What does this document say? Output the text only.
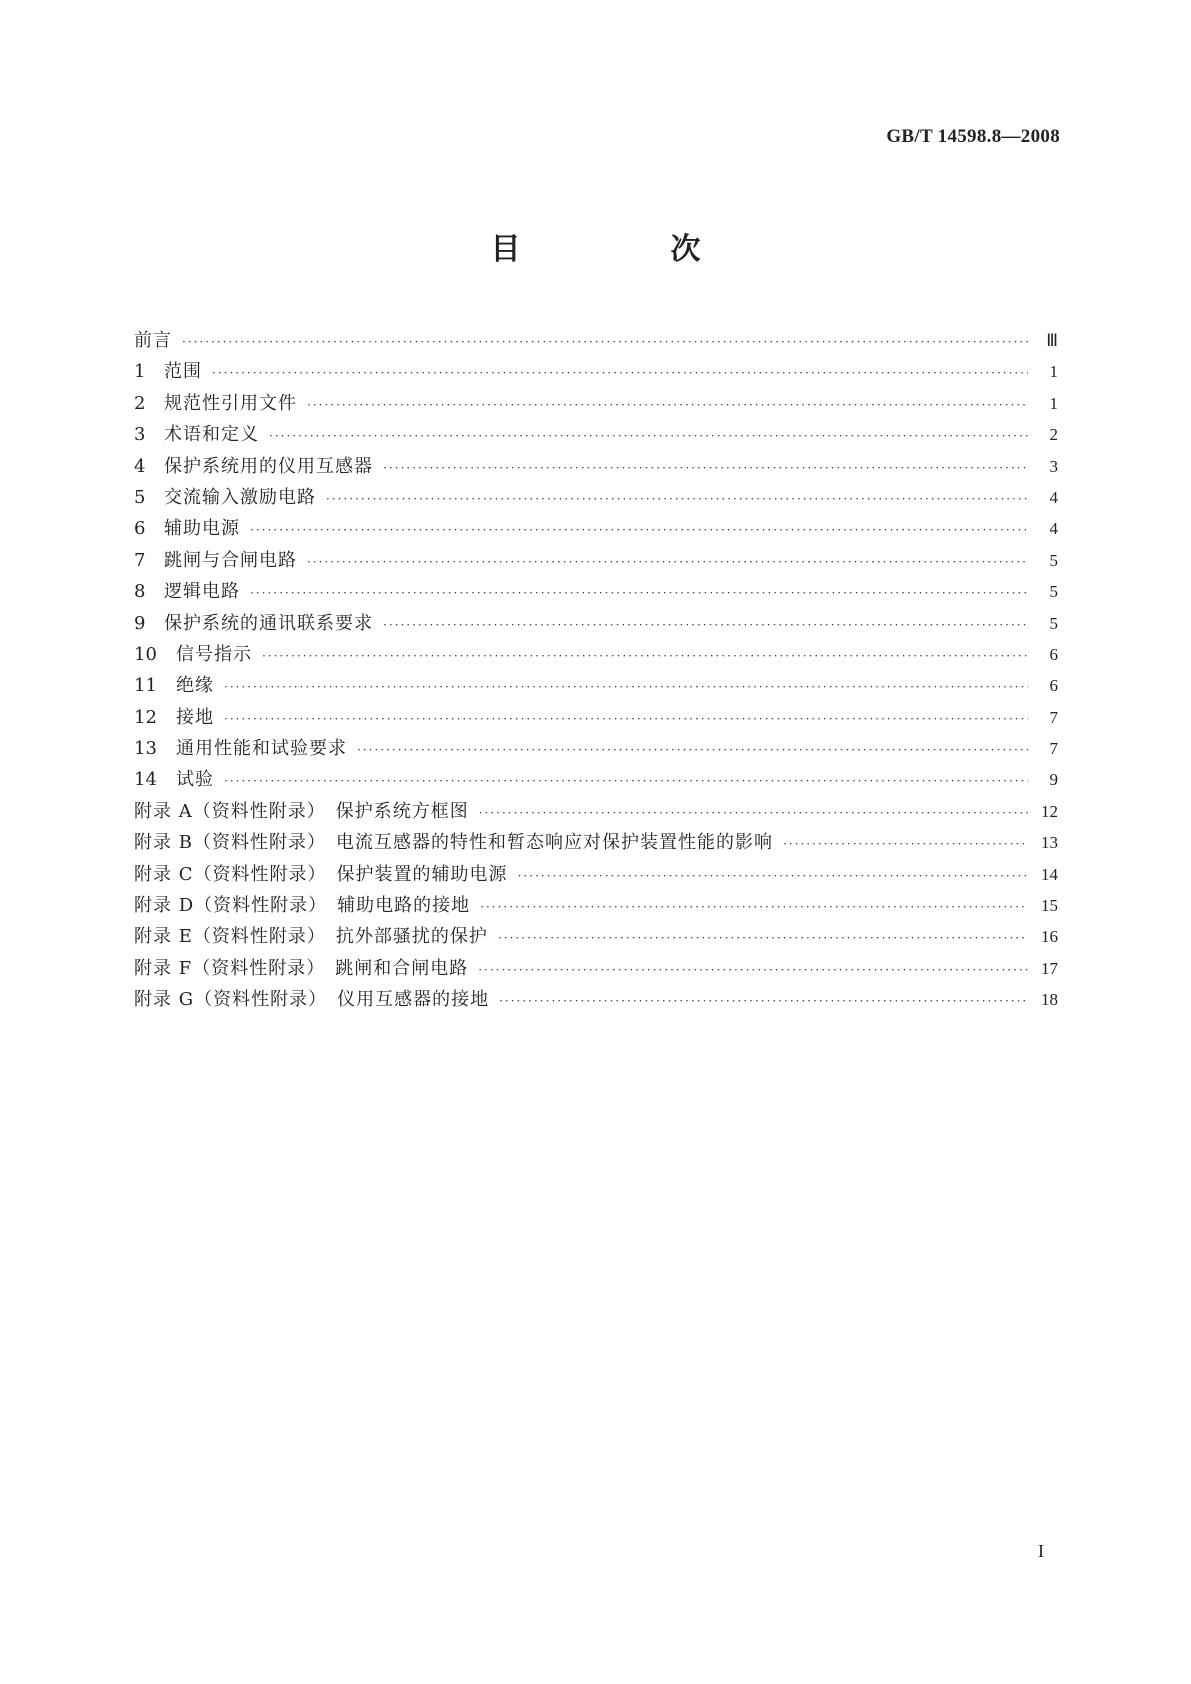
GB/T 14598.8—2008
目　次
前言 ·····	Ⅲ
1	范围 ·····	1
2	规范性引用文件 ·····	1
3	术语和定义 ·····	2
4	保护系统用的仪用互感器 ·····	3
5	交流输入激励电路 ·····	4
6	辅助电源 ·····	4
7	跳闸与合闸电路 ·····	5
8	逻辑电路 ·····	5
9	保护系统的通讯联系要求 ·····	5
10	信号指示 ·····	6
11	绝缘 ·····	6
12	接地 ·····	7
13	通用性能和试验要求 ·····	7
14	试验 ·····	9
附录 A（资料性附录）　保护系统方框图 ·····	12
附录 B（资料性附录）　电流互感器的特性和暂态响应对保护装置性能的影响 ·····	13
附录 C（资料性附录）　保护装置的辅助电源 ·····	14
附录 D（资料性附录）　辅助电路的接地 ·····	15
附录 E（资料性附录）　抗外部骚扰的保护 ·····	16
附录 F（资料性附录）　跳闸和合闸电路 ·····	17
附录 G（资料性附录）　仪用互感器的接地 ·····	18
I
